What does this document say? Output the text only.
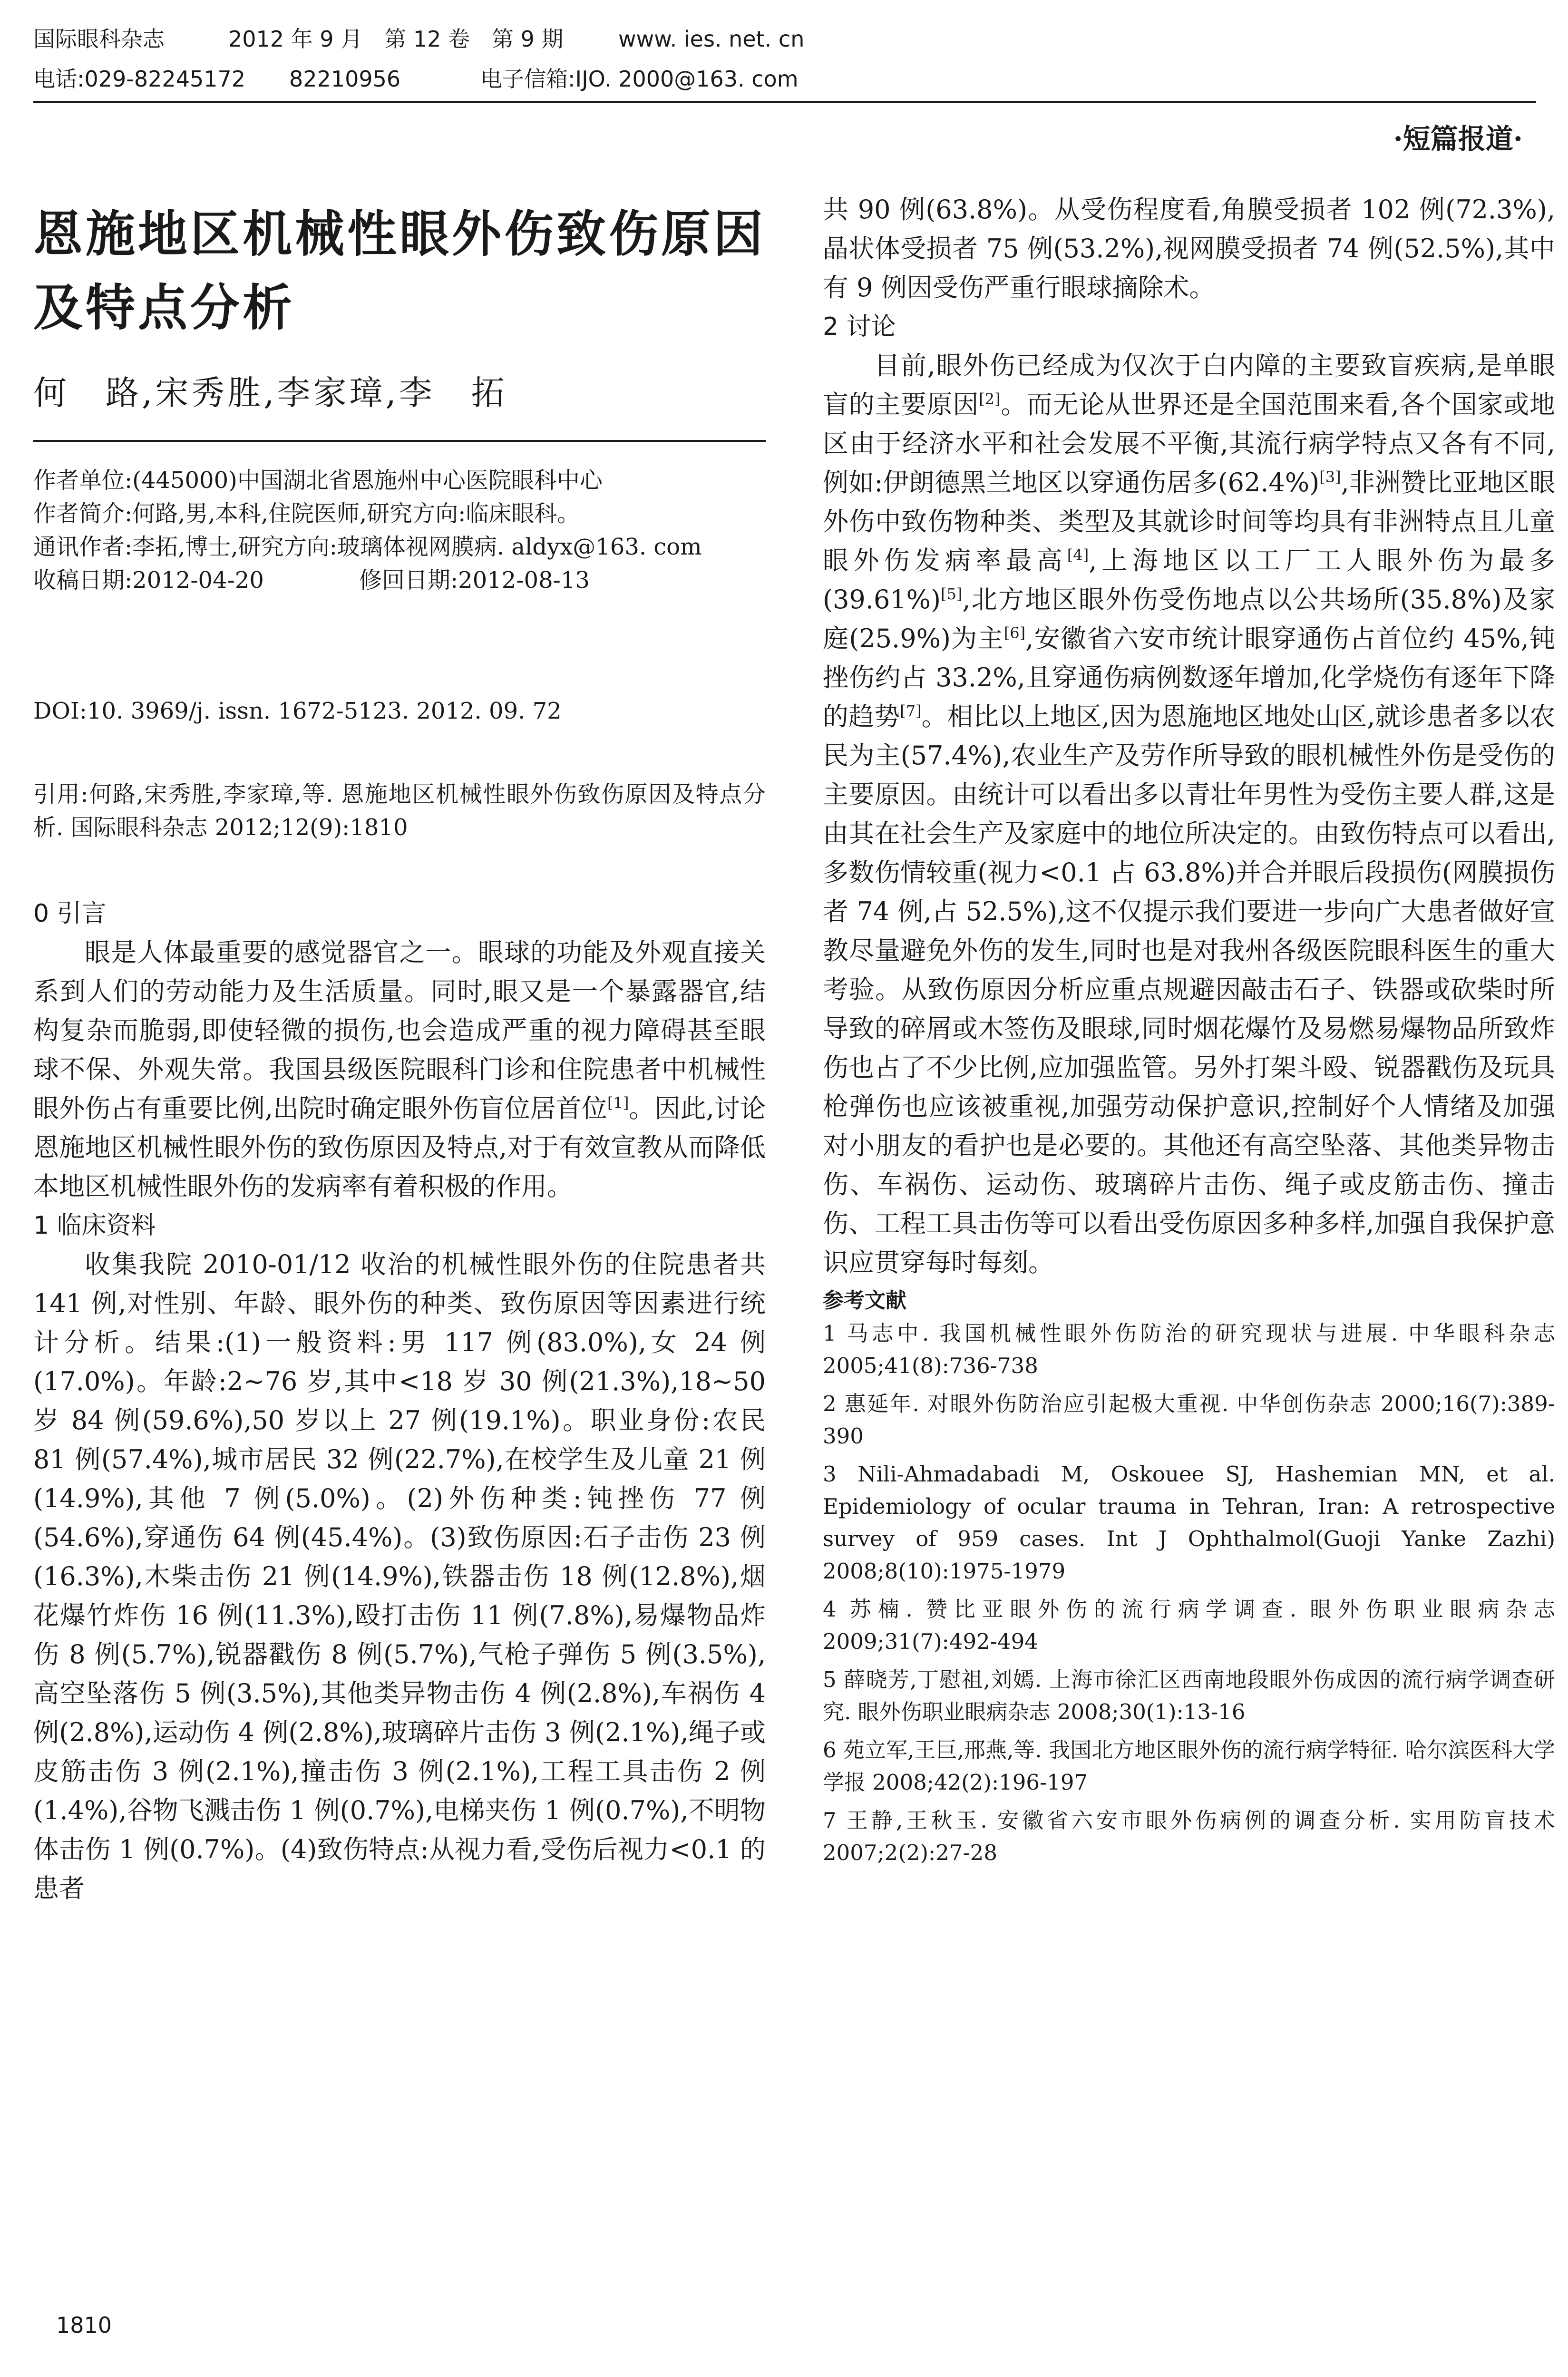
国际眼科杂志	2012 年 9 月　第 12 卷　第 9 期	www. ies. net. cn
电话:029-82245172　　82210956	电子信箱:IJO. 2000@163. com
·短篇报道·
恩施地区机械性眼外伤致伤原因及特点分析
何　路,宋秀胜,李家璋,李　拓

作者单位:(445000)中国湖北省恩施州中心医院眼科中心

作者简介:何路,男,本科,住院医师,研究方向:临床眼科。

通讯作者:李拓,博士,研究方向:玻璃体视网膜病. aldyx@163. com

收稿日期:2012-04-20	修回日期:2012-08-13

DOI:10. 3969/j. issn. 1672-5123. 2012. 09. 72

引用:何路,宋秀胜,李家璋,等. 恩施地区机械性眼外伤致伤原因及特点分析. 国际眼科杂志 2012;12(9):1810

0 引言

眼是人体最重要的感觉器官之一。眼球的功能及外观直接关系到人们的劳动能力及生活质量。同时,眼又是一个暴露器官,结构复杂而脆弱,即使轻微的损伤,也会造成严重的视力障碍甚至眼球不保、外观失常。我国县级医院眼科门诊和住院患者中机械性眼外伤占有重要比例,出院时确定眼外伤盲位居首位[1]。因此,讨论恩施地区机械性眼外伤的致伤原因及特点,对于有效宣教从而降低本地区机械性眼外伤的发病率有着积极的作用。

1 临床资料

收集我院 2010-01/12 收治的机械性眼外伤的住院患者共 141 例,对性别、年龄、眼外伤的种类、致伤原因等因素进行统计分析。结果:(1)一般资料:男 117 例(83.0%),女 24 例(17.0%)。年龄:2~76 岁,其中<18 岁 30 例(21.3%),18~50 岁 84 例(59.6%),50 岁以上 27 例(19.1%)。职业身份:农民 81 例(57.4%),城市居民 32 例(22.7%),在校学生及儿童 21 例(14.9%),其他 7 例(5.0%)。(2)外伤种类:钝挫伤 77 例(54.6%),穿通伤 64 例(45.4%)。(3)致伤原因:石子击伤 23 例(16.3%),木柴击伤 21 例(14.9%),铁器击伤 18 例(12.8%),烟花爆竹炸伤 16 例(11.3%),殴打击伤 11 例(7.8%),易爆物品炸伤 8 例(5.7%),锐器戳伤 8 例(5.7%),气枪子弹伤 5 例(3.5%),高空坠落伤 5 例(3.5%),其他类异物击伤 4 例(2.8%),车祸伤 4 例(2.8%),运动伤 4 例(2.8%),玻璃碎片击伤 3 例(2.1%),绳子或皮筋击伤 3 例(2.1%),撞击伤 3 例(2.1%),工程工具击伤 2 例(1.4%),谷物飞溅击伤 1 例(0.7%),电梯夹伤 1 例(0.7%),不明物体击伤 1 例(0.7%)。(4)致伤特点:从视力看,受伤后视力<0.1 的患者

共 90 例(63.8%)。从受伤程度看,角膜受损者 102 例(72.3%),晶状体受损者 75 例(53.2%),视网膜受损者 74 例(52.5%),其中有 9 例因受伤严重行眼球摘除术。

2 讨论

目前,眼外伤已经成为仅次于白内障的主要致盲疾病,是单眼盲的主要原因[2]。而无论从世界还是全国范围来看,各个国家或地区由于经济水平和社会发展不平衡,其流行病学特点又各有不同,例如:伊朗德黑兰地区以穿通伤居多(62.4%)[3],非洲赞比亚地区眼外伤中致伤物种类、类型及其就诊时间等均具有非洲特点且儿童眼外伤发病率最高[4],上海地区以工厂工人眼外伤为最多(39.61%)[5],北方地区眼外伤受伤地点以公共场所(35.8%)及家庭(25.9%)为主[6],安徽省六安市统计眼穿通伤占首位约 45%,钝挫伤约占 33.2%,且穿通伤病例数逐年增加,化学烧伤有逐年下降的趋势[7]。相比以上地区,因为恩施地区地处山区,就诊患者多以农民为主(57.4%),农业生产及劳作所导致的眼机械性外伤是受伤的主要原因。由统计可以看出多以青壮年男性为受伤主要人群,这是由其在社会生产及家庭中的地位所决定的。由致伤特点可以看出,多数伤情较重(视力<0.1 占 63.8%)并合并眼后段损伤(网膜损伤者 74 例,占 52.5%),这不仅提示我们要进一步向广大患者做好宣教尽量避免外伤的发生,同时也是对我州各级医院眼科医生的重大考验。从致伤原因分析应重点规避因敲击石子、铁器或砍柴时所导致的碎屑或木签伤及眼球,同时烟花爆竹及易燃易爆物品所致炸伤也占了不少比例,应加强监管。另外打架斗殴、锐器戳伤及玩具枪弹伤也应该被重视,加强劳动保护意识,控制好个人情绪及加强对小朋友的看护也是必要的。其他还有高空坠落、其他类异物击伤、车祸伤、运动伤、玻璃碎片击伤、绳子或皮筋击伤、撞击伤、工程工具击伤等可以看出受伤原因多种多样,加强自我保护意识应贯穿每时每刻。

参考文献

1 马志中. 我国机械性眼外伤防治的研究现状与进展. 中华眼科杂志 2005;41(8):736-738

2 惠延年. 对眼外伤防治应引起极大重视. 中华创伤杂志 2000;16(7):389-390

3 Nili-Ahmadabadi M, Oskouee SJ, Hashemian MN, et al. Epidemiology of ocular trauma in Tehran, Iran: A retrospective survey of 959 cases. Int J Ophthalmol(Guoji Yanke Zazhi) 2008;8(10):1975-1979

4 苏楠. 赞比亚眼外伤的流行病学调查. 眼外伤职业眼病杂志 2009;31(7):492-494

5 薛晓芳,丁慰祖,刘嫣. 上海市徐汇区西南地段眼外伤成因的流行病学调查研究. 眼外伤职业眼病杂志 2008;30(1):13-16

6 苑立军,王巨,邢燕,等. 我国北方地区眼外伤的流行病学特征. 哈尔滨医科大学学报 2008;42(2):196-197

7 王静,王秋玉. 安徽省六安市眼外伤病例的调查分析. 实用防盲技术 2007;2(2):27-28

1810
